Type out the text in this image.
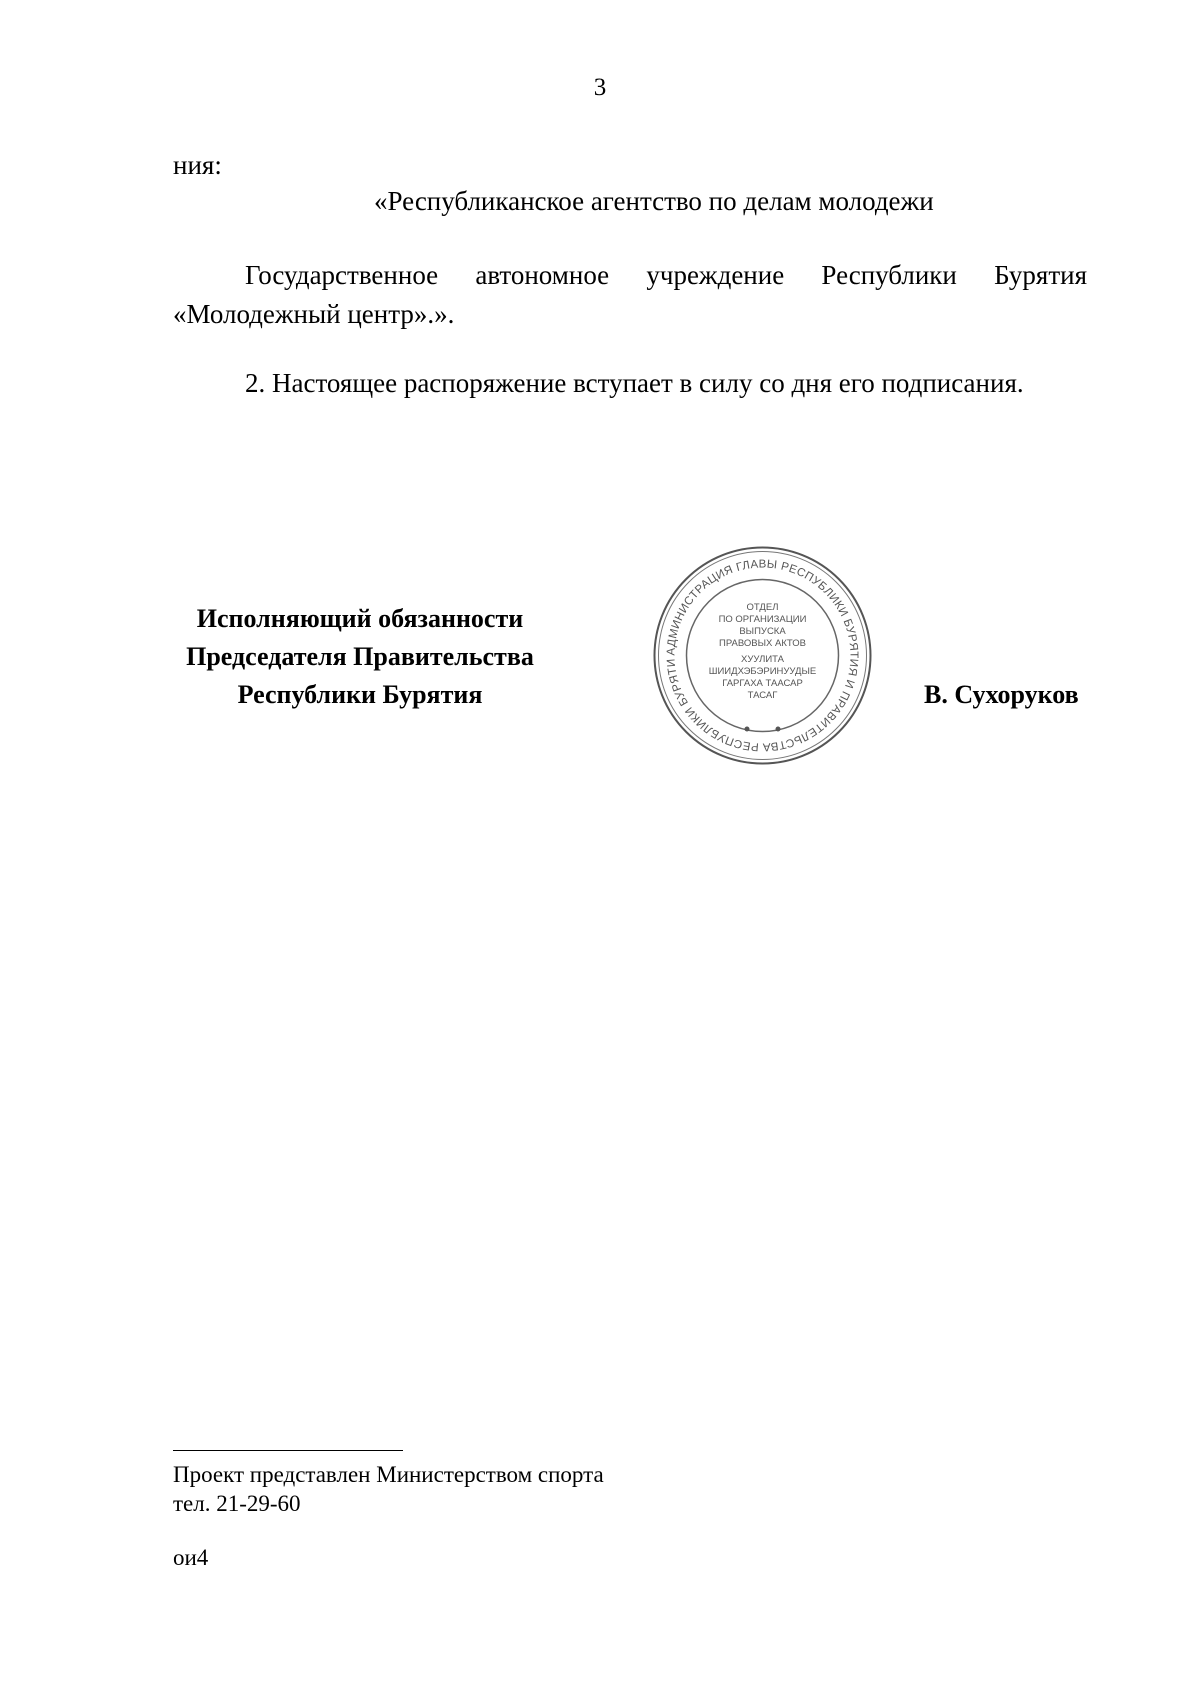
3
ния:
«Республиканское агентство по делам молодежи
Государственное автономное учреждение Республики Бурятия «Молодежный центр».».
2. Настоящее распоряжение вступает в силу со дня его подписания.
Исполняющий обязанности
Председателя Правительства
Республики Бурятия
АДМИНИСТРАЦИЯ ГЛАВЫ РЕСПУБЛИКИ БУРЯТИЯ И ПРАВИТЕЛЬСТВА РЕСПУБЛИКИ БУРЯТИ
ОТДЕЛ
ПО ОРГАНИЗАЦИИ
ВЫПУСКА
ПРАВОВЫХ АКТОВ
ХУУЛИТА
ШИИДХЭБЭРИНУУДЫЕ
ГАРГАХА ТААСАР
ТАСАГ	В. Сухоруков
Проект представлен Министерством спорта
тел. 21-29-60
ои4
